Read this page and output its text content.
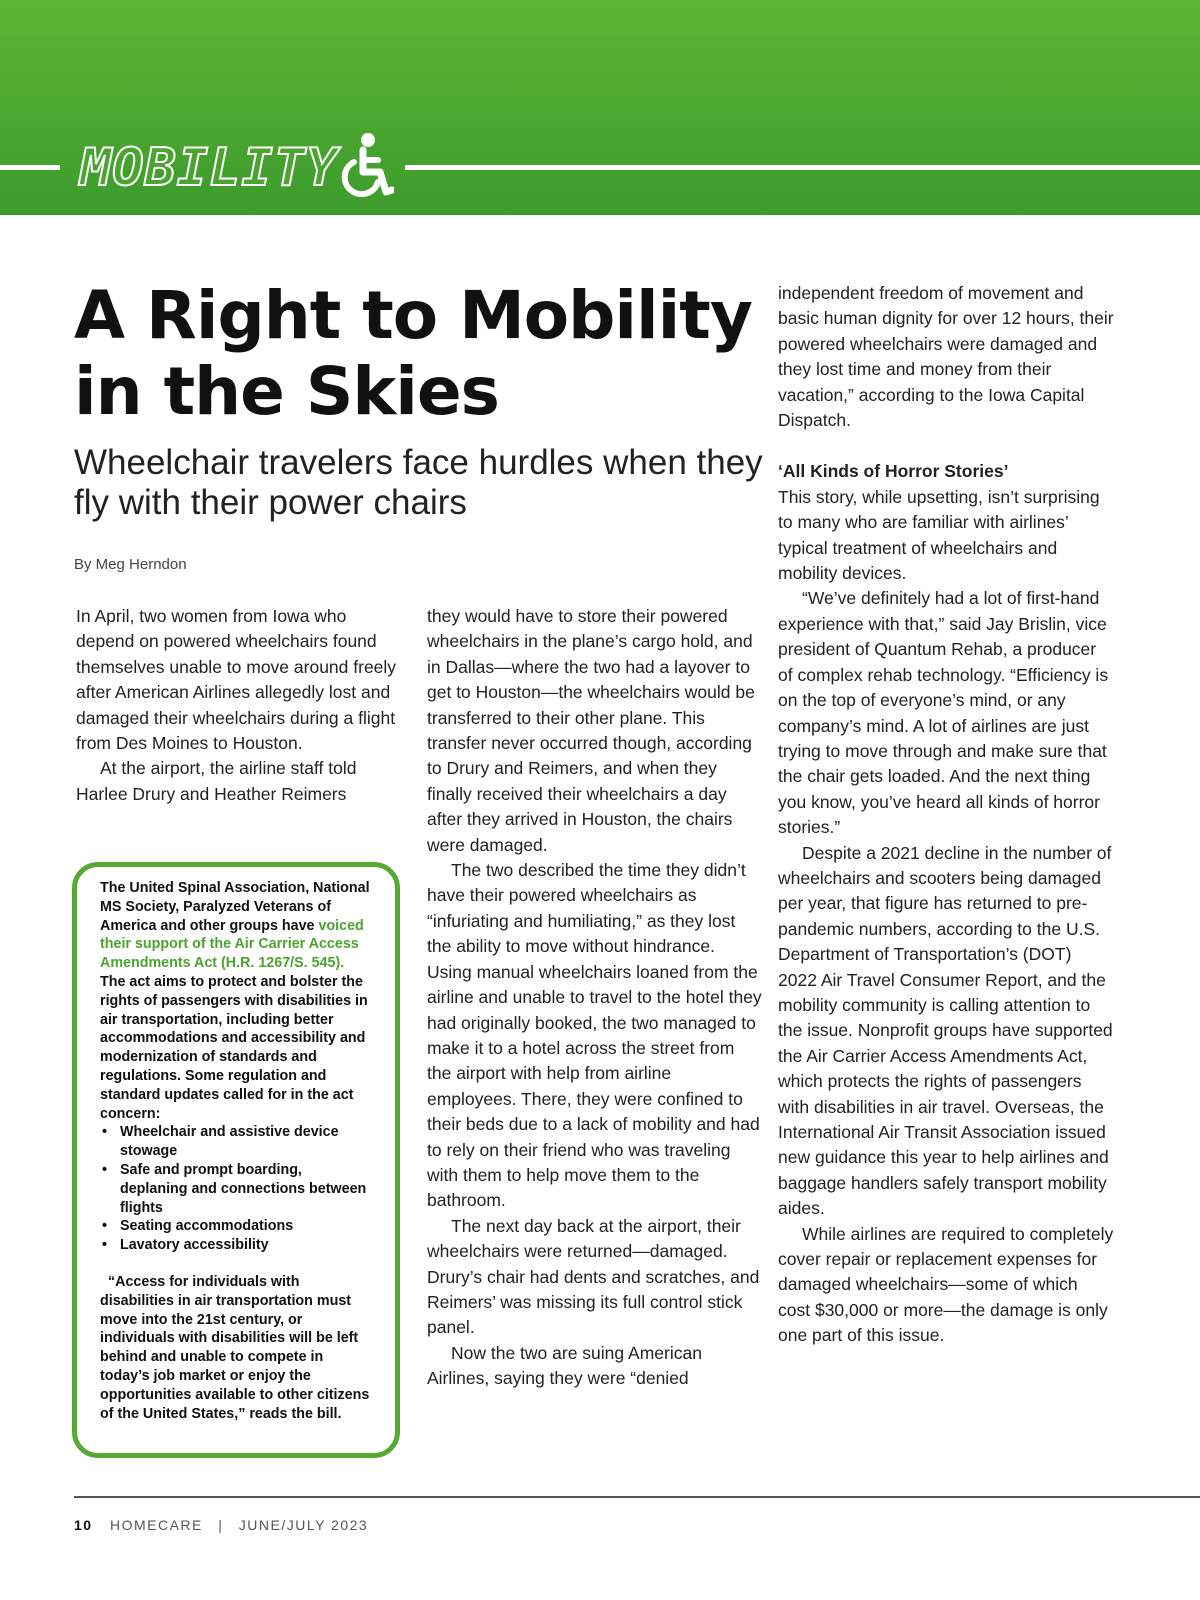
MOBILITY
A Right to Mobility in the Skies
Wheelchair travelers face hurdles when they fly with their power chairs
By Meg Herndon

In April, two women from Iowa who depend on powered wheelchairs found themselves unable to move around freely after American Airlines allegedly lost and damaged their wheelchairs during a flight from Des Moines to Houston.

At the airport, the airline staff told Harlee Drury and Heather Reimers

The United Spinal Association, National MS Society, Paralyzed Veterans of America and other groups have voiced their support of the Air Carrier Access Amendments Act (H.R. 1267/S. 545). The act aims to protect and bolster the rights of passengers with disabilities in air transportation, including better accommodations and accessibility and modernization of standards and regulations. Some regulation and standard updates called for in the act concern:

• Wheelchair and assistive device stowage
• Safe and prompt boarding, deplaning and connections between flights
• Seating accommodations
• Lavatory accessibility

“Access for individuals with disabilities in air transportation must move into the 21st century, or individuals with disabilities will be left behind and unable to compete in today’s job market or enjoy the opportunities available to other citizens of the United States,” reads the bill.

they would have to store their powered wheelchairs in the plane’s cargo hold, and in Dallas—where the two had a layover to get to Houston—the wheelchairs would be transferred to their other plane. This transfer never occurred though, according to Drury and Reimers, and when they finally received their wheelchairs a day after they arrived in Houston, the chairs were damaged.

The two described the time they didn’t have their powered wheelchairs as “infuriating and humiliating,” as they lost the ability to move without hindrance. Using manual wheelchairs loaned from the airline and unable to travel to the hotel they had originally booked, the two managed to make it to a hotel across the street from the airport with help from airline employees. There, they were confined to their beds due to a lack of mobility and had to rely on their friend who was traveling with them to help move them to the bathroom.

The next day back at the airport, their wheelchairs were returned—damaged. Drury’s chair had dents and scratches, and Reimers’ was missing its full control stick panel.

Now the two are suing American Airlines, saying they were “denied

independent freedom of movement and basic human dignity for over 12 hours, their powered wheelchairs were damaged and they lost time and money from their vacation,” according to the Iowa Capital Dispatch.

‘All Kinds of Horror Stories’

This story, while upsetting, isn’t surprising to many who are familiar with airlines’ typical treatment of wheelchairs and mobility devices.

“We’ve definitely had a lot of first-hand experience with that,” said Jay Brislin, vice president of Quantum Rehab, a producer of complex rehab technology. “Efficiency is on the top of everyone’s mind, or any company’s mind. A lot of airlines are just trying to move through and make sure that the chair gets loaded. And the next thing you know, you’ve heard all kinds of horror stories.”

Despite a 2021 decline in the number of wheelchairs and scooters being damaged per year, that figure has returned to pre-pandemic numbers, according to the U.S. Department of Transportation’s (DOT) 2022 Air Travel Consumer Report, and the mobility community is calling attention to the issue. Nonprofit groups have supported the Air Carrier Access Amendments Act, which protects the rights of passengers with disabilities in air travel. Overseas, the International Air Transit Association issued new guidance this year to help airlines and baggage handlers safely transport mobility aides.

While airlines are required to completely cover repair or replacement expenses for damaged wheelchairs—some of which cost $30,000 or more—the damage is only one part of this issue.

10 HOMECARE | JUNE/JULY 2023
